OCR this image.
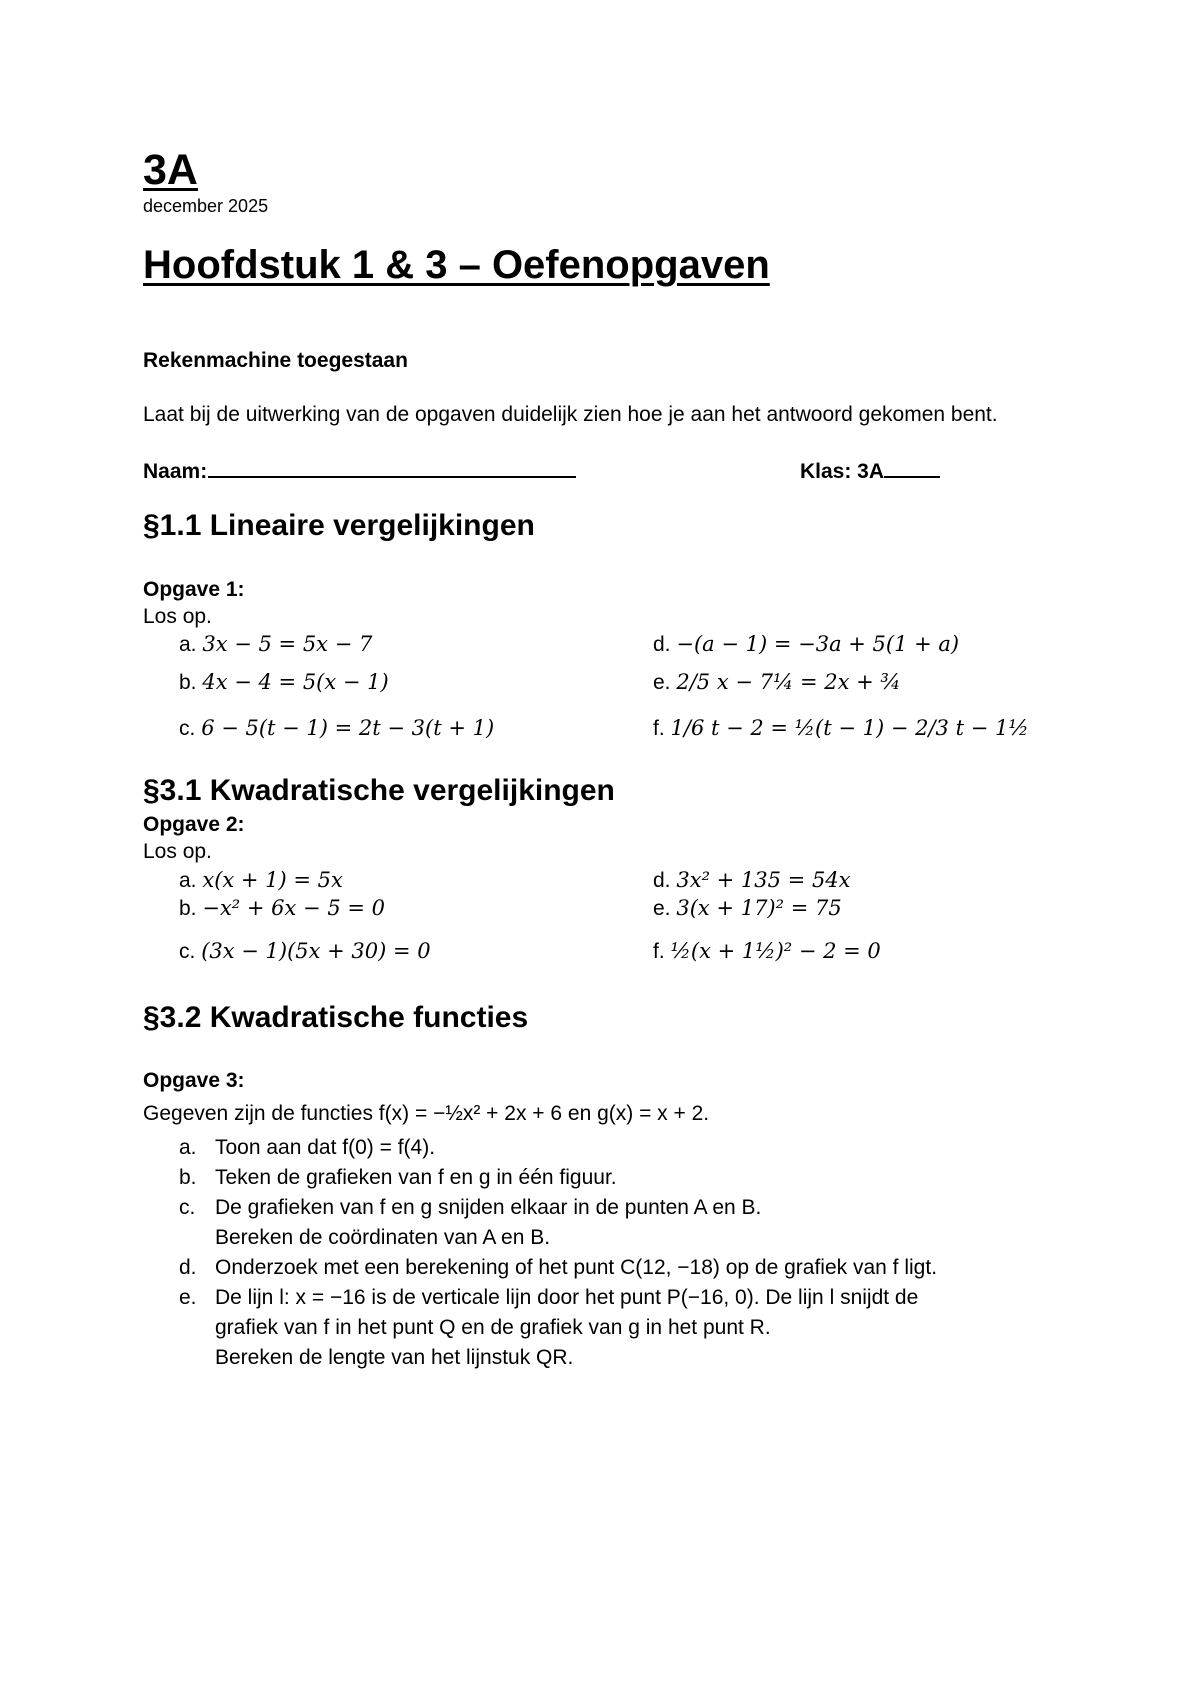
3A
december 2025
Hoofdstuk 1 & 3 – Oefenopgaven
Rekenmachine toegestaan
Laat bij de uitwerking van de opgaven duidelijk zien hoe je aan het antwoord gekomen bent.
Naam:	Klas: 3A
§1.1 Lineaire vergelijkingen
Opgave 1:
Los op.
a. 3x − 5 = 5x − 7
b. 4x − 4 = 5(x − 1)
c. 6 − 5(t − 1) = 2t − 3(t + 1)
d. −(a − 1) = −3a + 5(1 + a)
e. 2/5 x − 7¼ = 2x + ¾
f. 1/6 t − 2 = ½(t − 1) − 2/3 t − 1½
§3.1 Kwadratische vergelijkingen
Opgave 2:
Los op.
a. x(x + 1) = 5x
b. −x² + 6x − 5 = 0
c. (3x − 1)(5x + 30) = 0
d. 3x² + 135 = 54x
e. 3(x + 17)² = 75
f. ½(x + 1½)² − 2 = 0
§3.2 Kwadratische functies
Opgave 3:
Gegeven zijn de functies f(x) = −½x² + 2x + 6 en g(x) = x + 2.
a. Toon aan dat f(0) = f(4).
b. Teken de grafieken van f en g in één figuur.
c. De grafieken van f en g snijden elkaar in de punten A en B.
Bereken de coördinaten van A en B.
d. Onderzoek met een berekening of het punt C(12, −18) op de grafiek van f ligt.
e. De lijn l: x = −16 is de verticale lijn door het punt P(−16, 0). De lijn l snijdt de
grafiek van f in het punt Q en de grafiek van g in het punt R.
Bereken de lengte van het lijnstuk QR.
